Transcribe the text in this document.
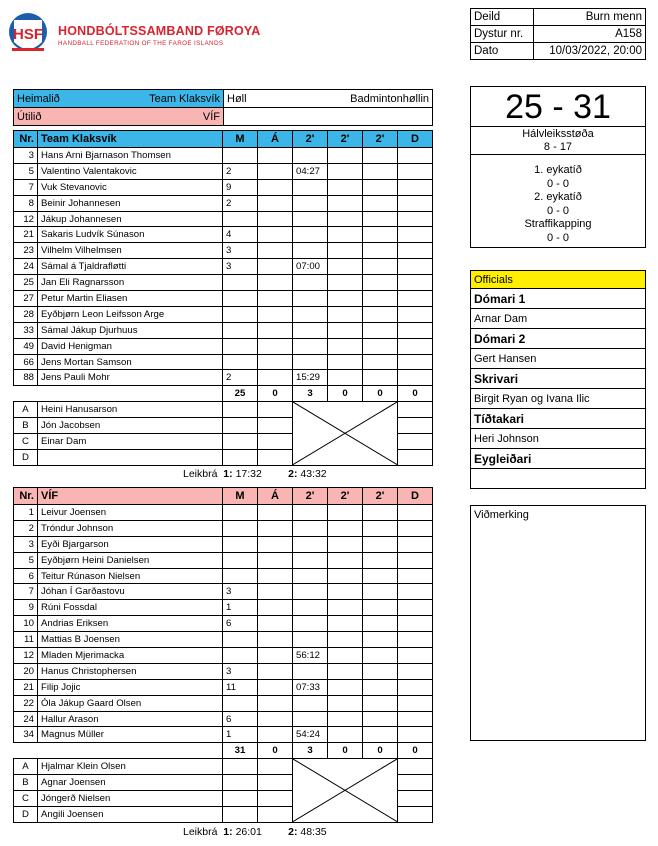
HSF HONDBÓLTSSAMBAND FØROYA
HANDBALL FEDERATION OF THE FAROE ISLANDS
Deild	Burn menn
Dystur nr.	A158
Dato	10/03/2022, 20:00
Heimalið Team Klaksvík	Høll Badmintonhøllin

Útilið VÍF	

Nr.	Team Klaksvík	M	Á	2'	2'	2'	D
3	Hans Arni Bjarnason Thomsen						
5	Valentino Valentakovic	2		04:27			
7	Vuk Stevanovic	9					
8	Beinir Johannesen	2					
12	Jákup Johannesen						
21	Sakaris Ludvík Súnason	4					
23	Vilhelm Vilhelmsen	3					
24	Sámal á Tjaldrafløtti	3		07:00			
25	Jan Eli Ragnarsson						
27	Petur Martin Eliasen						
28	Eyðbjørn Leon Leifsson Arge						
33	Sámal Jákup Djurhuus						
49	David Henigman						
66	Jens Mortan Samson						
88	Jens Pauli Mohr	2		15:29			
		25	0	3	0	0	0
A	Heini Hanusarson			

B	Jón Jacobsen						
C	Einar Dam						
D							
Leikbrá 1: 17:32	2: 43:32
Nr.	VÍF	M	Á	2'	2'	2'	D
1	Leivur Joensen						
2	Tróndur Johnson						
3	Eyði Bjargarson						
5	Eyðbjørn Heini Danielsen						
6	Teitur Rúnason Nielsen						
7	Jóhan Í Garðastovu	3					
9	Rúni Fossdal	1					
10	Andrias Eriksen	6					
11	Mattias B Joensen						
12	Mladen Mjerimacka			56:12			
20	Hanus Christophersen	3					
21	Filip Jojic	11		07:33			
22	Óla Jákup Gaard Olsen						
24	Hallur Arason	6					
34	Magnus Müller	1		54:24			
		31	0	3	0	0	0
A	Hjalmar Klein Olsen			

B	Agnar Joensen						
C	Jóngerð Nielsen						
D	Angili Joensen						
Leikbrá 1: 26:01	2: 48:35
25 - 31
Hálvleiksstøða
8 - 17
1. eykatíð
0 - 0
2. eykatíð
0 - 0
Straffikapping
0 - 0
Officials
Dómari 1
Arnar Dam
Dómari 2
Gert Hansen
Skrivari
Birgit Ryan og Ivana Ilic
Tíðtakari
Heri Johnson
Eygleiðari

Viðmerking
